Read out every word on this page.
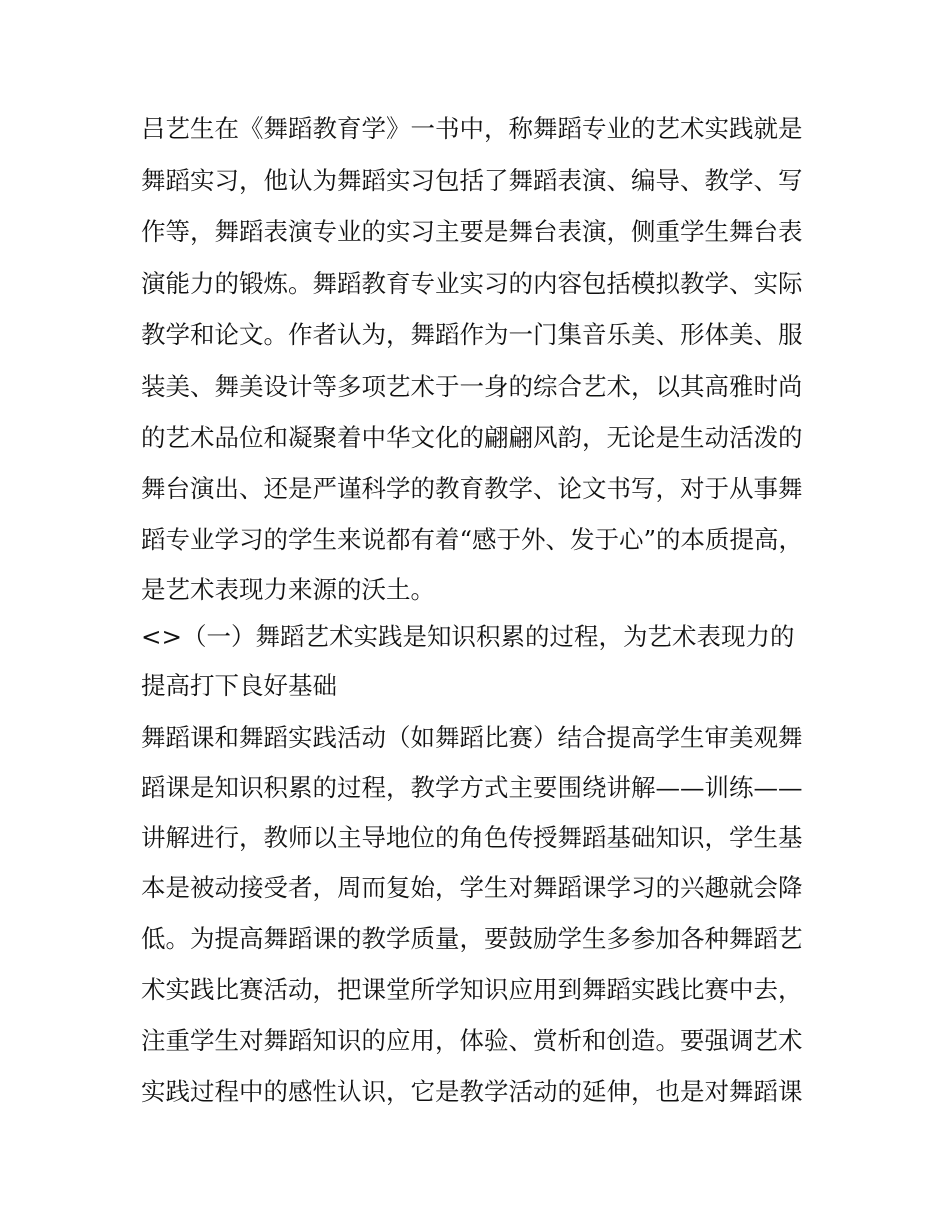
吕艺生在《舞蹈教育学》一书中，称舞蹈专业的艺术实践就是
舞蹈实习，他认为舞蹈实习包括了舞蹈表演、编导、教学、写
作等，舞蹈表演专业的实习主要是舞台表演，侧重学生舞台表
演能力的锻炼。舞蹈教育专业实习的内容包括模拟教学、实际
教学和论文。作者认为，舞蹈作为一门集音乐美、形体美、服
装美、舞美设计等多项艺术于一身的综合艺术，以其高雅时尚
的艺术品位和凝聚着中华文化的翩翩风韵，无论是生动活泼的
舞台演出、还是严谨科学的教育教学、论文书写，对于从事舞
蹈专业学习的学生来说都有着“感于外、发于心”的本质提高，
是艺术表现力来源的沃土。
<>（一）舞蹈艺术实践是知识积累的过程，为艺术表现力的
提高打下良好基础
舞蹈课和舞蹈实践活动（如舞蹈比赛）结合提高学生审美观舞
蹈课是知识积累的过程，教学方式主要围绕讲解——训练——
讲解进行，教师以主导地位的角色传授舞蹈基础知识，学生基
本是被动接受者，周而复始，学生对舞蹈课学习的兴趣就会降
低。为提高舞蹈课的教学质量，要鼓励学生多参加各种舞蹈艺
术实践比赛活动，把课堂所学知识应用到舞蹈实践比赛中去，
注重学生对舞蹈知识的应用，体验、赏析和创造。要强调艺术
实践过程中的感性认识，它是教学活动的延伸，也是对舞蹈课
